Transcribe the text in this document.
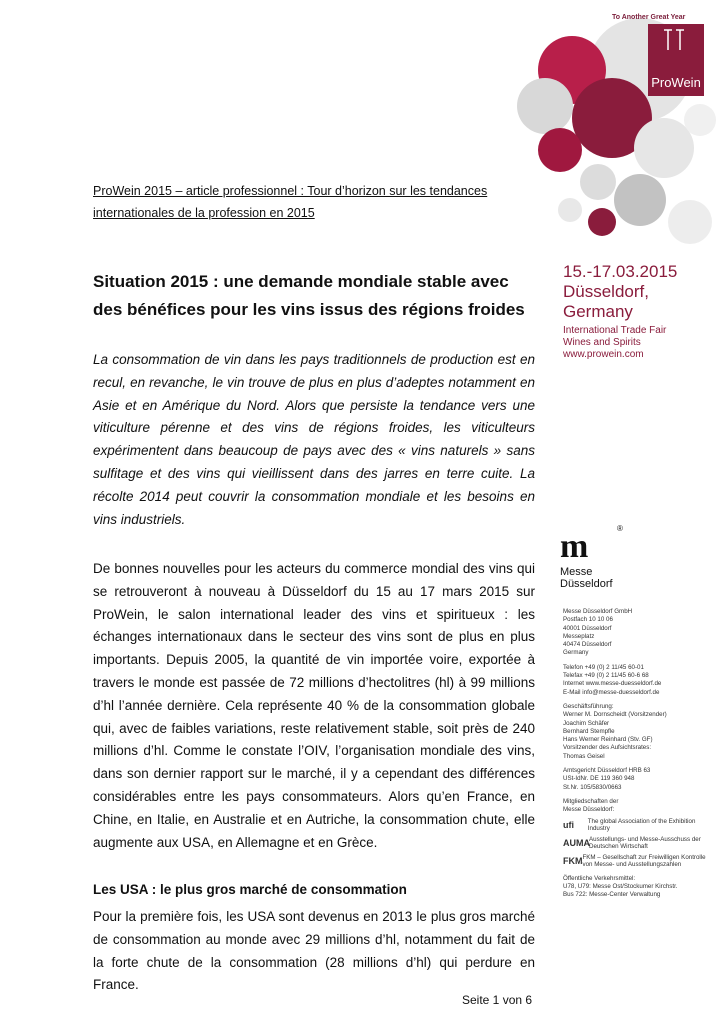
To Another Great Year
ProWein
15.-17.03.2015
Düsseldorf, Germany
International Trade Fair
Wines and Spirits
www.prowein.com
ProWein 2015 – article professionnel : Tour d’horizon sur les tendances
internationales de la profession en 2015
Situation 2015 : une demande mondiale stable avec
des bénéfices pour les vins issus des régions froides

La consommation de vin dans les pays traditionnels de production est en recul, en revanche, le vin trouve de plus en plus d’adeptes notamment en Asie et en Amérique du Nord. Alors que persiste la tendance vers une viticulture pérenne et des vins de régions froides, les viticulteurs expérimentent dans beaucoup de pays avec des « vins naturels » sans sulfitage et des vins qui vieillissent dans des jarres en terre cuite. La récolte 2014 peut couvrir la consommation mondiale et les besoins en vins industriels.

De bonnes nouvelles pour les acteurs du commerce mondial des vins qui se retrouveront à nouveau à Düsseldorf du 15 au 17 mars 2015 sur ProWein, le salon international leader des vins et spiritueux : les échanges internationaux dans le secteur des vins sont de plus en plus importants. Depuis 2005, la quantité de vin importée voire, exportée à travers le monde est passée de 72 millions d’hectolitres (hl) à 99 millions d’hl l’année dernière. Cela représente 40 % de la consommation globale qui, avec de faibles variations, reste relativement stable, soit près de 240 millions d’hl. Comme le constate l’OIV, l’organisation mondiale des vins, dans son dernier rapport sur le marché, il y a cependant des différences considérables entre les pays consommateurs. Alors qu’en France, en Chine, en Italie, en Australie et en Autriche, la consommation chute, elle augmente aux USA, en Allemagne et en Grèce.

Les USA : le plus gros marché de consommation

Pour la première fois, les USA sont devenus en 2013 le plus gros marché de consommation au monde avec 29 millions d’hl, notamment du fait de la forte chute de la consommation (28 millions d’hl) qui perdure en France.

Seite 1 von 6
m	®
Messe
Düsseldorf
Messe Düsseldorf GmbH
Postfach 10 10 06
40001 Düsseldorf
Messeplatz
40474 Düsseldorf
Germany
Telefon +49 (0) 2 11/45 60-01
Telefax +49 (0) 2 11/45 60-6 68
Internet www.messe-duesseldorf.de
E-Mail info@messe-duesseldorf.de
Geschäftsführung:
Werner M. Dornscheidt (Vorsitzender)
Joachim Schäfer
Bernhard Stempfle
Hans Werner Reinhard (Stv. GF)
Vorsitzender des Aufsichtsrates:
Thomas Geisel
Amtsgericht Düsseldorf HRB 63
USt-IdNr. DE 119 360 948
St.Nr. 105/5830/0663
Mitgliedschaften der
Messe Düsseldorf:
ufi	The global Association of the Exhibition Industry
AUMA Ausstellungs- und Messe-Ausschuss der Deutschen Wirtschaft
FKM FKM – Gesellschaft zur Freiwilligen Kontrolle von Messe- und Ausstellungszahlen
Öffentliche Verkehrsmittel:
U78, U79: Messe Ost/Stockumer Kirchstr.
Bus 722: Messe-Center Verwaltung
